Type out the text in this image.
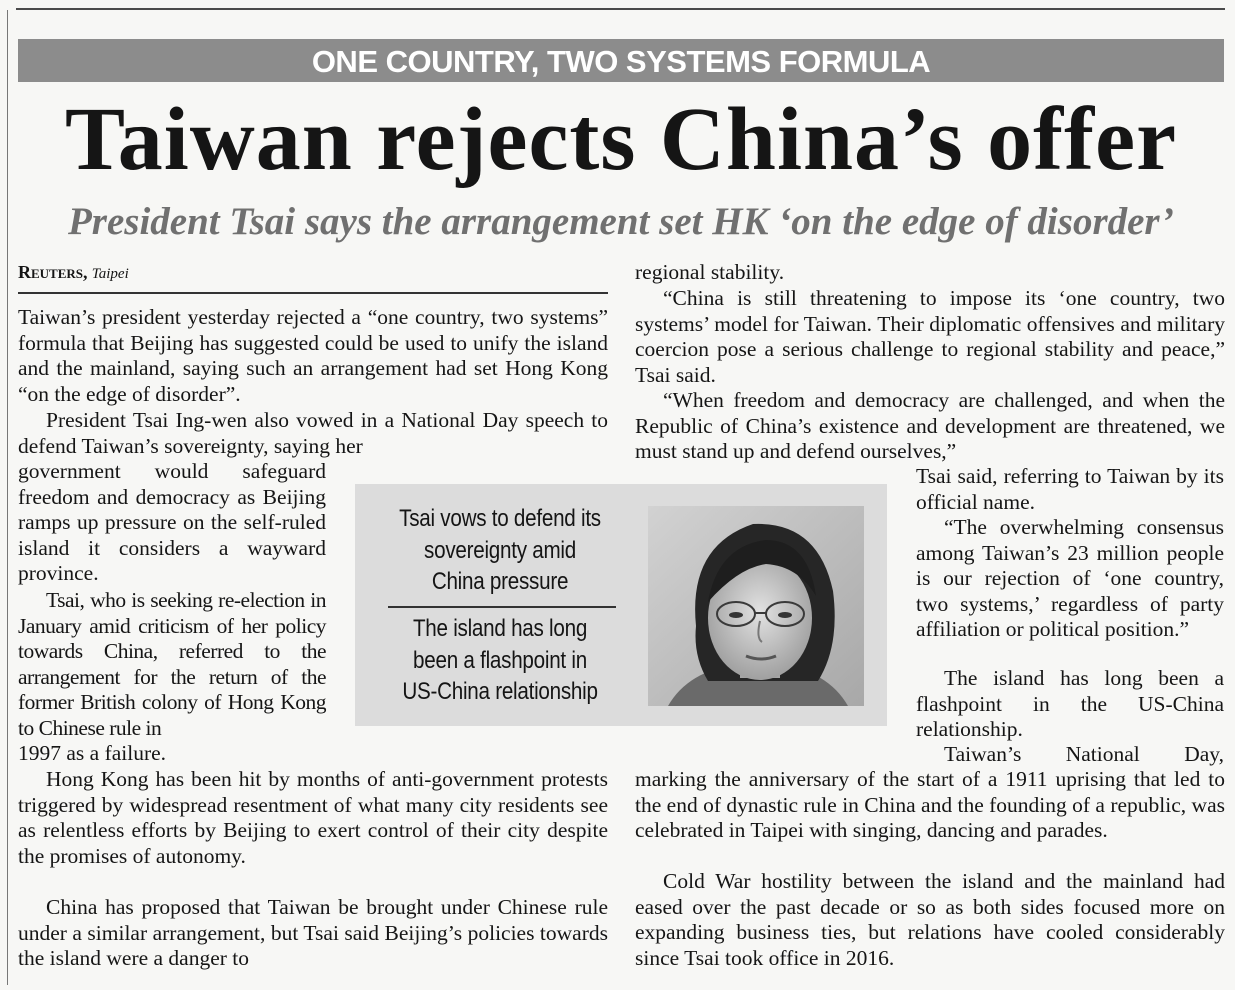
ONE COUNTRY, TWO SYSTEMS FORMULA
Taiwan rejects China’s offer
President Tsai says the arrangement set HK ‘on the edge of disorder’
Reuters, Taipei

Taiwan’s president yesterday rejected a “one country, two systems” formula that Beijing has suggested could be used to unify the island and the mainland, saying such an arrangement had set Hong Kong “on the edge of disorder”.

President Tsai Ing-wen also vowed in a National Day speech to defend Taiwan’s sovereignty, saying her

government would safeguard freedom and democracy as Beijing ramps up pressure on the self-ruled island it considers a wayward province.

Tsai, who is seeking re-election in January amid criticism of her policy towards China, referred to the arrangement for the return of the former British colony of Hong Kong to Chinese rule in

1997 as a failure.

Hong Kong has been hit by months of anti-government protests triggered by widespread resentment of what many city residents see as relentless efforts by Beijing to exert control of their city despite the promises of autonomy.

China has proposed that Taiwan be brought under Chinese rule under a similar arrangement, but Tsai said Beijing’s policies towards the island were a danger to

regional stability.

“China is still threatening to impose its ‘one country, two systems’ model for Taiwan. Their diplomatic offensives and military coercion pose a serious challenge to regional stability and peace,” Tsai said.

“When freedom and democracy are challenged, and when the Republic of China’s existence and development are threatened, we must stand up and defend ourselves,”

Tsai said, referring to Taiwan by its official name.

“The overwhelming consensus among Taiwan’s 23 million people is our rejection of ‘one country, two systems,’ regardless of party affiliation or political position.”

The island has long been a flashpoint in the US-China relationship.

Taiwan’s National Day,

marking the anniversary of the start of a 1911 uprising that led to the end of dynastic rule in China and the founding of a republic, was celebrated in Taipei with singing, dancing and parades.

Cold War hostility between the island and the mainland had eased over the past decade or so as both sides focused more on expanding business ties, but relations have cooled considerably since Tsai took office in 2016.

Tsai vows to defend its sovereignty amid China pressure
The island has long been a flashpoint in US-China relationship
